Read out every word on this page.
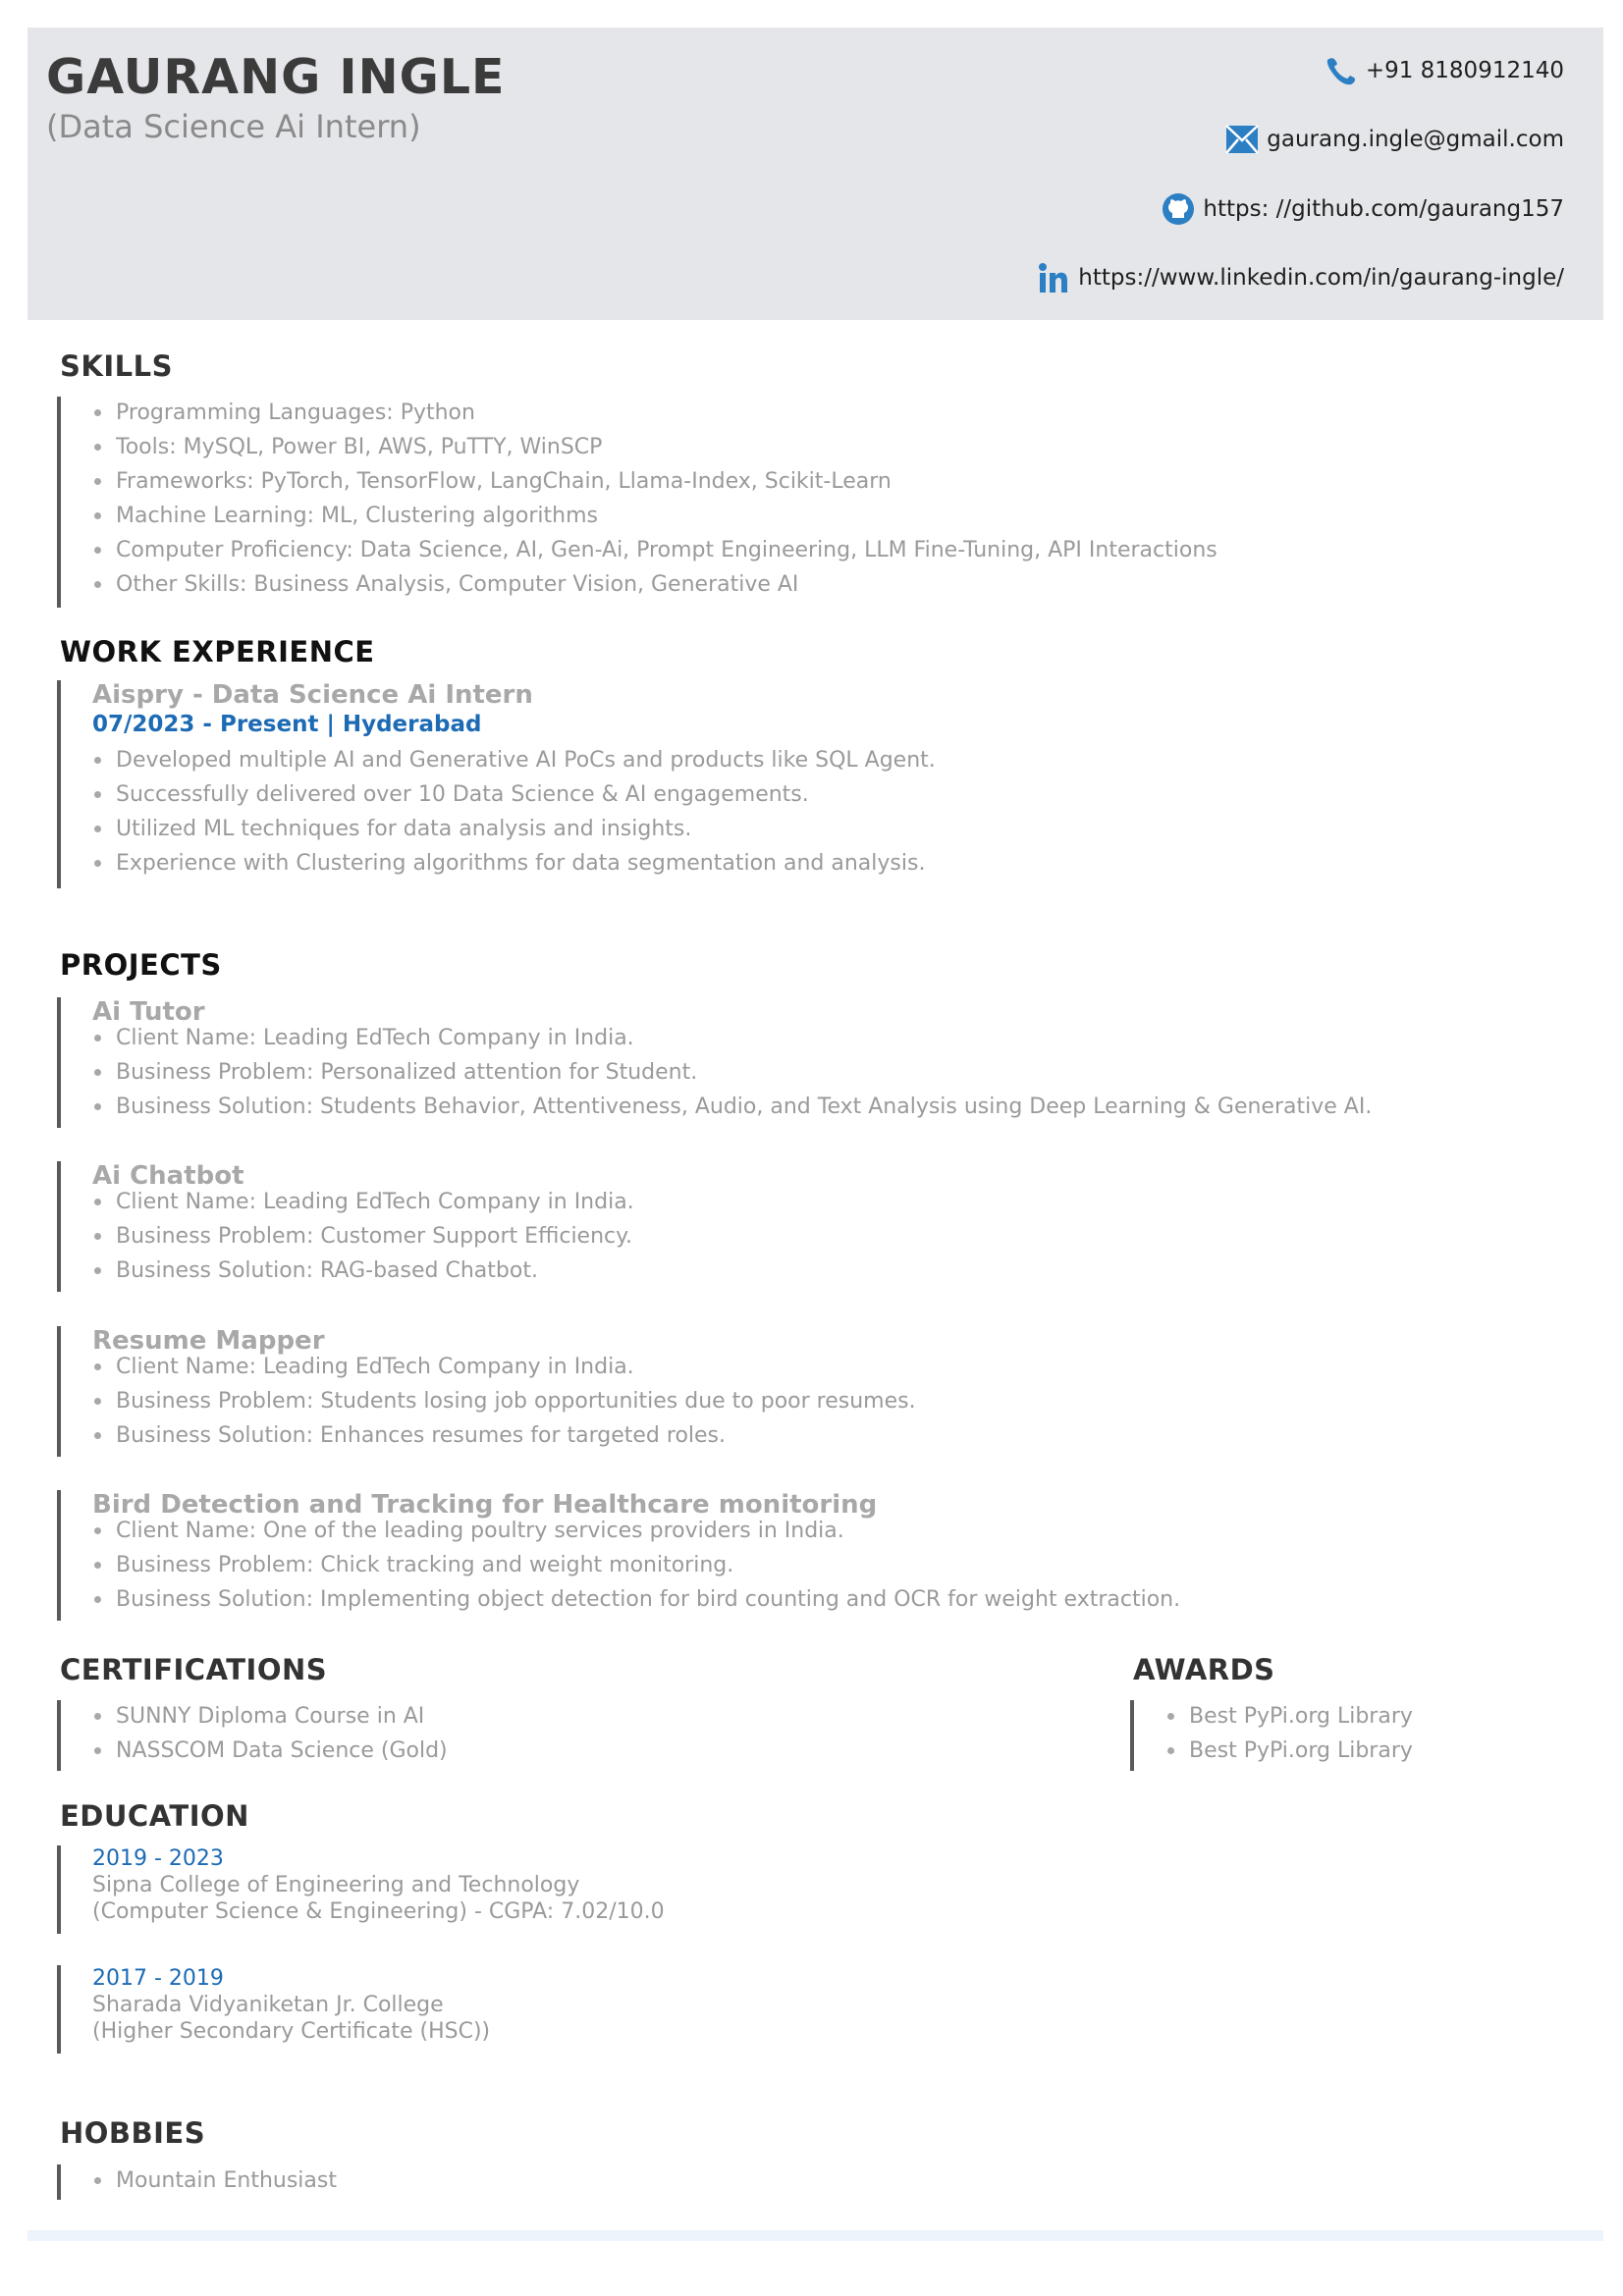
GAURANG INGLE
(Data Science Ai Intern)
+91 8180912140
gaurang.ingle@gmail.com
https: //github.com/gaurang157
https://www.linkedin.com/in/gaurang-ingle/
SKILLS
Programming Languages: Python
Tools: MySQL, Power BI, AWS, PuTTY, WinSCP
Frameworks: PyTorch, TensorFlow, LangChain, Llama-Index, Scikit-Learn
Machine Learning: ML, Clustering algorithms
Computer Proficiency: Data Science, AI, Gen-Ai, Prompt Engineering, LLM Fine-Tuning, API Interactions
Other Skills: Business Analysis, Computer Vision, Generative AI
WORK EXPERIENCE
Aispry - Data Science Ai Intern
07/2023 - Present | Hyderabad
Developed multiple AI and Generative AI PoCs and products like SQL Agent.
Successfully delivered over 10 Data Science & AI engagements.
Utilized ML techniques for data analysis and insights.
Experience with Clustering algorithms for data segmentation and analysis.
PROJECTS
Ai Tutor
Client Name: Leading EdTech Company in India.
Business Problem: Personalized attention for Student.
Business Solution: Students Behavior, Attentiveness, Audio, and Text Analysis using Deep Learning & Generative AI.
Ai Chatbot
Client Name: Leading EdTech Company in India.
Business Problem: Customer Support Efficiency.
Business Solution: RAG-based Chatbot.
Resume Mapper
Client Name: Leading EdTech Company in India.
Business Problem: Students losing job opportunities due to poor resumes.
Business Solution: Enhances resumes for targeted roles.
Bird Detection and Tracking for Healthcare monitoring
Client Name: One of the leading poultry services providers in India.
Business Problem: Chick tracking and weight monitoring.
Business Solution: Implementing object detection for bird counting and OCR for weight extraction.
CERTIFICATIONS
SUNNY Diploma Course in AI
NASSCOM Data Science (Gold)
AWARDS
Best PyPi.org Library
Best PyPi.org Library
EDUCATION
2019 - 2023
Sipna College of Engineering and Technology
(Computer Science & Engineering) - CGPA: 7.02/10.0
2017 - 2019
Sharada Vidyaniketan Jr. College
(Higher Secondary Certificate (HSC))
HOBBIES
Mountain Enthusiast
